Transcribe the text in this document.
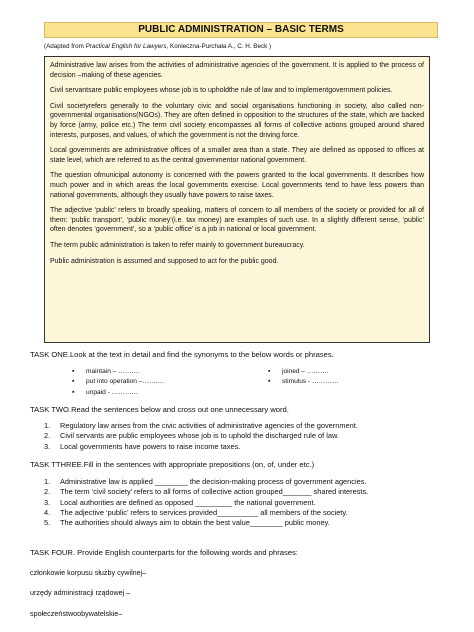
PUBLIC ADMINISTRATION – BASIC TERMS
(Adapted from Practical English for Lawyers, Konieczna-Purchała A., C. H. Beck )

Administrative law arises from the activities of administrative agencies of the government. It is applied to the process of decision –making of these agencies.

Civil servantsare public employees whose job is to upholdthe rule of law and to implementgovernment policies.

Civil societyrefers generally to the voluntary civic and social organisations functioning in society, also called non-governmental organisations(NGOs). They are often defined in opposition to the structures of the state, which are backed by force (army, police etc.) The term civil society encompasses all forms of collective actions grouped around shared interests, purposes, and values, of which the government is not the driving force.

Local governments are administrative offices of a smaller area than a state. They are defined as opposed to offices at state level, which are referred to as the central governmentor national government.

The question ofmunicipal autonomy is concerned with the powers granted to the local governments. It describes how much power and in which areas the local governments exercise. Local governments tend to have less powers than national governments, although they usually have powers to raise taxes.

The adjective ‘public’ refers to broadly speaking, matters of concern to all members of the society or provided for all of them: ‘public transport’, ‘public money’(i.e. tax money) are examples of such use. In a slightly different sense, ‘public’ often denotes ‘government’, so a ‘public office’ is a job in national or local government.

The term public administration is taken to refer mainly to government bureaucracy.

Public administration is assumed and supposed to act for the public good.

TASK ONE.Look at the text in detail and find the synonyms to the below words or phrases.
▪ maintain – ……….
▪ put into operation –……….
▪ unpaid - …………
▪ joined – ……….
▪ stimulus - …………
TASK TWO.Read the sentences below and cross out one unnecessary word.
1. Regulatory law arises from the civic activities of administrative agencies of the government.
2. Civil servants are public employees whose job is to uphold the discharged rule of law.
3. Local governments have powers to raise income taxes.
TASK TTHREE.Fill in the sentences with appropriate prepositions (on, of, under etc.)
1. Administrative law is applied ________ the decision-making process of government agencies.
2. The term ‘civil society’ refers to all forms of collective action grouped_______ shared interests.
3. Local authorities are defined as opposed _________ the national government.
4. The adjective ‘public’ refers to services provided__________ all members of the society.
5. The authorities should always aim to obtain the best value________ public money.
TASK FOUR. Provide English counterparts for the following words and phrases:
członkowie korpusu służby cywilnej–
urzędy administracji rządowej –
społeczeństwoobywatelskie–
